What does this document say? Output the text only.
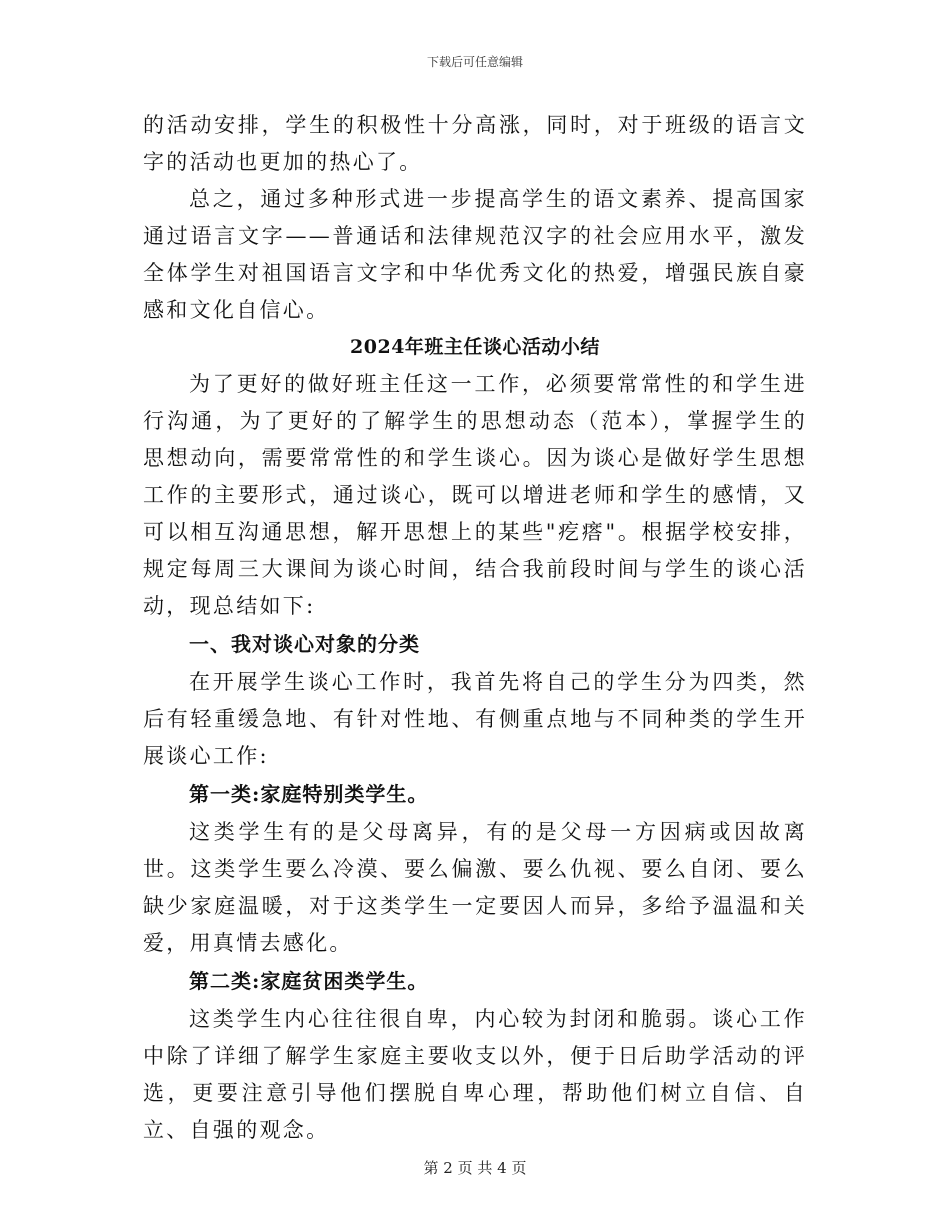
下载后可任意编辑

的活动安排，学生的积极性十分高涨，同时，对于班级的语言文字的活动也更加的热心了。

总之，通过多种形式进一步提高学生的语文素养、提高国家通过语言文字——普通话和法律规范汉字的社会应用水平，激发全体学生对祖国语言文字和中华优秀文化的热爱，增强民族自豪感和文化自信心。

2024年班主任谈心活动小结

为了更好的做好班主任这一工作，必须要常常性的和学生进行沟通，为了更好的了解学生的思想动态（范本），掌握学生的思想动向，需要常常性的和学生谈心。因为谈心是做好学生思想工作的主要形式，通过谈心，既可以增进老师和学生的感情，又可以相互沟通思想，解开思想上的某些"疙瘩"。根据学校安排，规定每周三大课间为谈心时间，结合我前段时间与学生的谈心活动，现总结如下:

一、我对谈心对象的分类

在开展学生谈心工作时，我首先将自己的学生分为四类，然后有轻重缓急地、有针对性地、有侧重点地与不同种类的学生开展谈心工作:

第一类:家庭特别类学生。

这类学生有的是父母离异，有的是父母一方因病或因故离世。这类学生要么冷漠、要么偏激、要么仇视、要么自闭、要么缺少家庭温暖，对于这类学生一定要因人而异，多给予温温和关爱，用真情去感化。

第二类:家庭贫困类学生。

这类学生内心往往很自卑，内心较为封闭和脆弱。谈心工作中除了详细了解学生家庭主要收支以外，便于日后助学活动的评选，更要注意引导他们摆脱自卑心理，帮助他们树立自信、自立、自强的观念。

第 2 页 共 4 页
